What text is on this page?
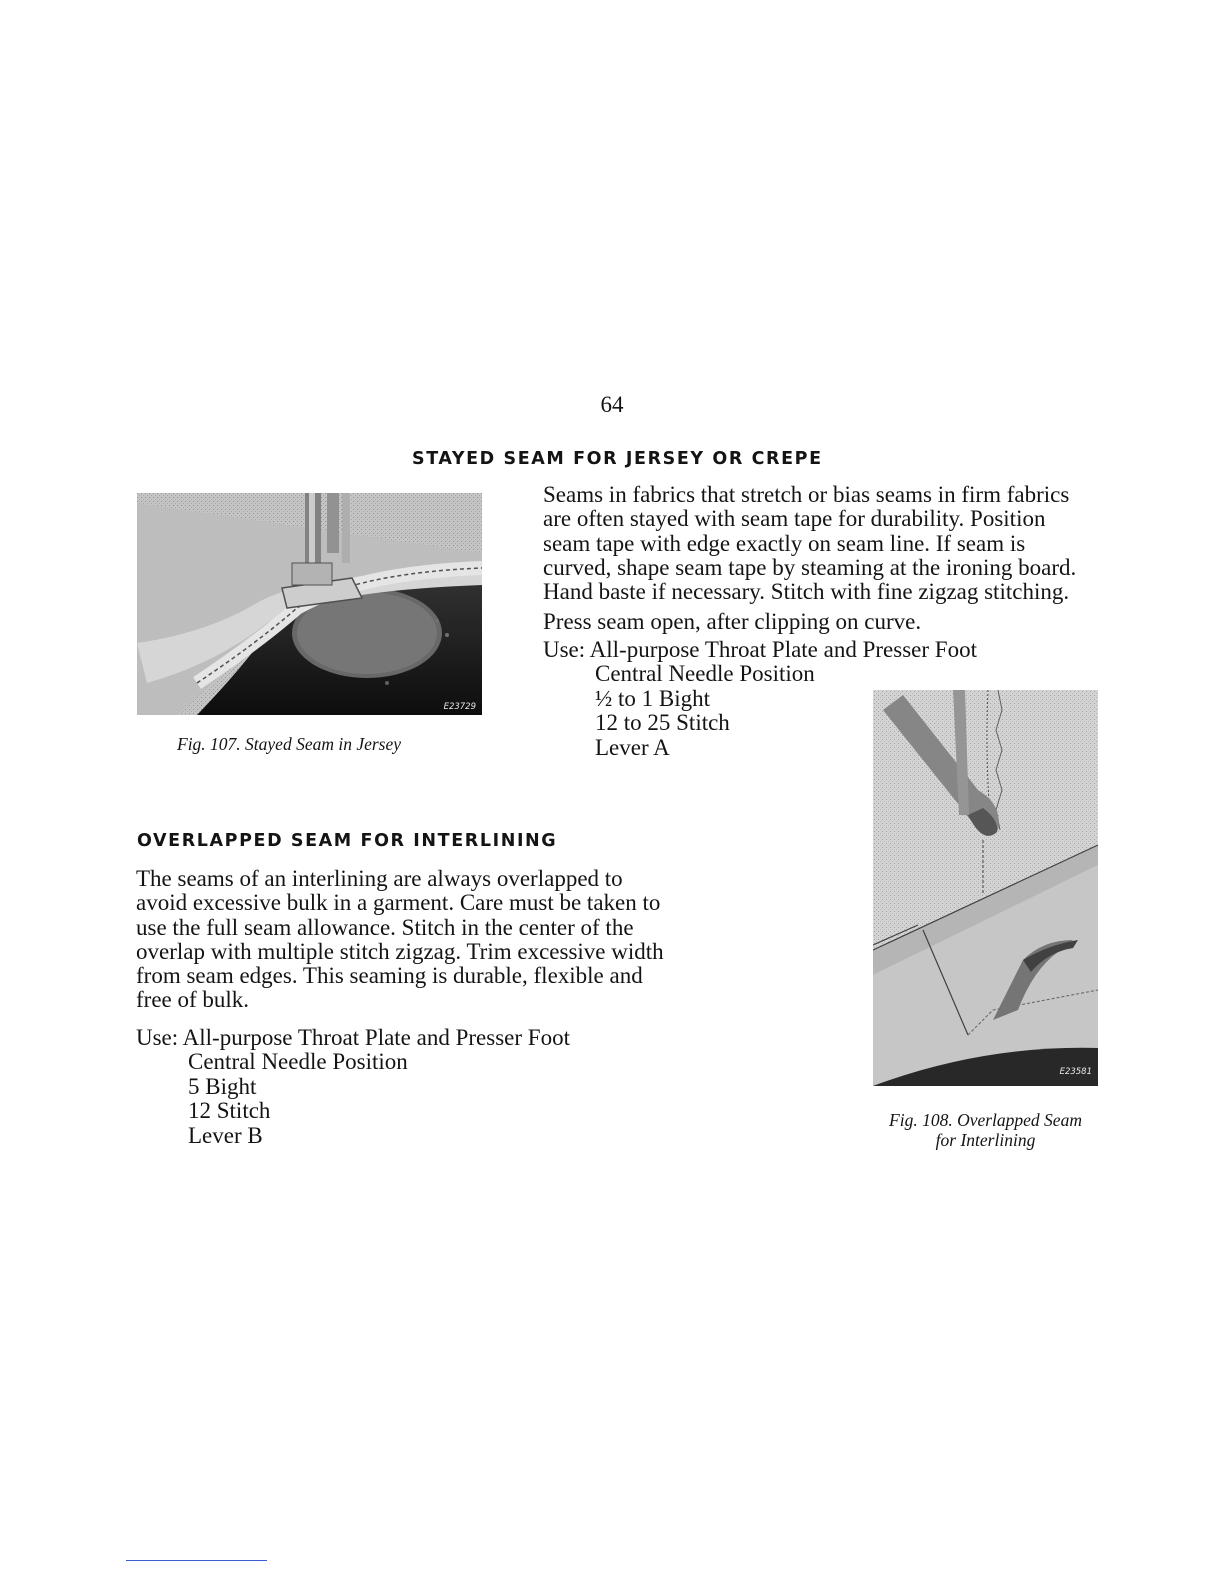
64
STAYED SEAM FOR JERSEY OR CREPE
E23729
Fig. 107. Stayed Seam in Jersey

Seams in fabrics that stretch or bias seams in firm fabrics

are often stayed with seam tape for durability. Position

seam tape with edge exactly on seam line. If seam is

curved, shape seam tape by steaming at the ironing board.

Hand baste if necessary. Stitch with fine zigzag stitching.

Press seam open, after clipping on curve.
Use: All-purpose Throat Plate and Presser Foot
Central Needle Position
½ to 1 Bight
12 to 25 Stitch
Lever A
OVERLAPPED SEAM FOR INTERLINING

The seams of an interlining are always overlapped to

avoid excessive bulk in a garment. Care must be taken to

use the full seam allowance. Stitch in the center of the

overlap with multiple stitch zigzag. Trim excessive width

from seam edges. This seaming is durable, flexible and

free of bulk.

Use: All-purpose Throat Plate and Presser Foot
Central Needle Position
5 Bight
12 Stitch
Lever B
E23581
Fig. 108. Overlapped Seam
for Interlining
